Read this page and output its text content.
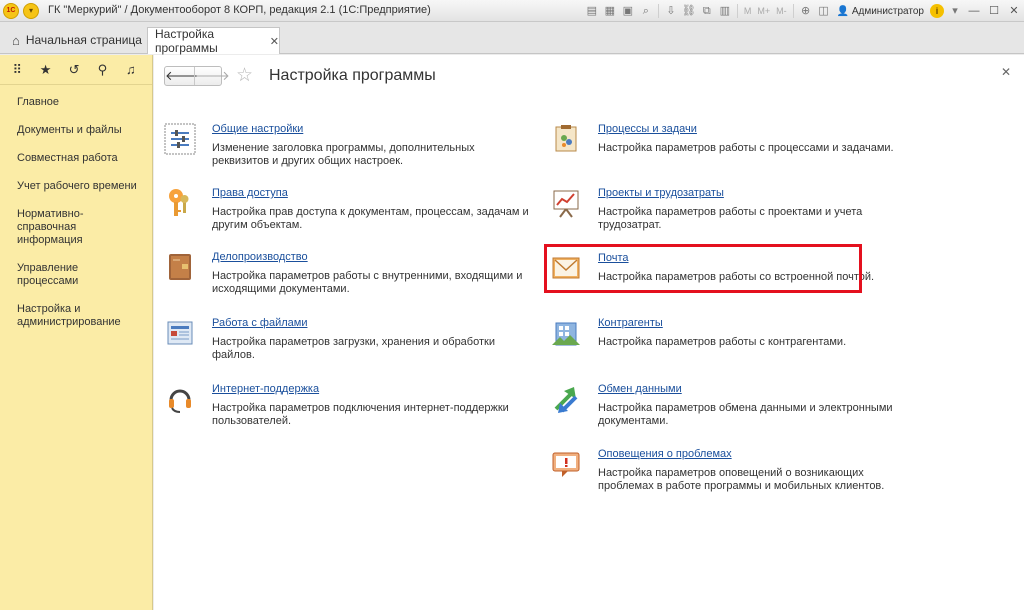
1С	▾	ГК "Меркурий" / Документооборот 8 КОРП, редакция 2.1 (1С:Предприятие)	▤ ▦ ▣ ⌕	⇩ ⛓ ⧉ ▥ M M+ M- ⊕ ◫ 👤 Администратор	i	▾ — ☐ ✕
⌂ Начальная страница Настройка программы	✕
⠿ ★ ↺ ⚲ ♫
Главное
Документы и файлы
Совместная работа
Учет рабочего времени
Нормативно-справочная информация
Управление процессами
Настройка и администрирование
🡐
🡒 ☆ Настройка программы	✕
Общие настройки
Изменение заголовка программы, дополнительных реквизитов и других общих настроек.
Права доступа
Настройка прав доступа к документам, процессам, задачам и другим объектам.
Делопроизводство
Настройка параметров работы с внутренними, входящими и исходящими документами.
Работа с файлами
Настройка параметров загрузки, хранения и обработки файлов.
Интернет-поддержка
Настройка параметров подключения интернет-поддержки пользователей.
Процессы и задачи
Настройка параметров работы с процессами и задачами.
Проекты и трудозатраты
Настройка параметров работы с проектами и учета трудозатрат.
Почта
Настройка параметров работы со встроенной почтой.
Контрагенты
Настройка параметров работы с контрагентами.
Обмен данными
Настройка параметров обмена данными и электронными документами.
Оповещения о проблемах
Настройка параметров оповещений о возникающих проблемах в работе программы и мобильных клиентов.
